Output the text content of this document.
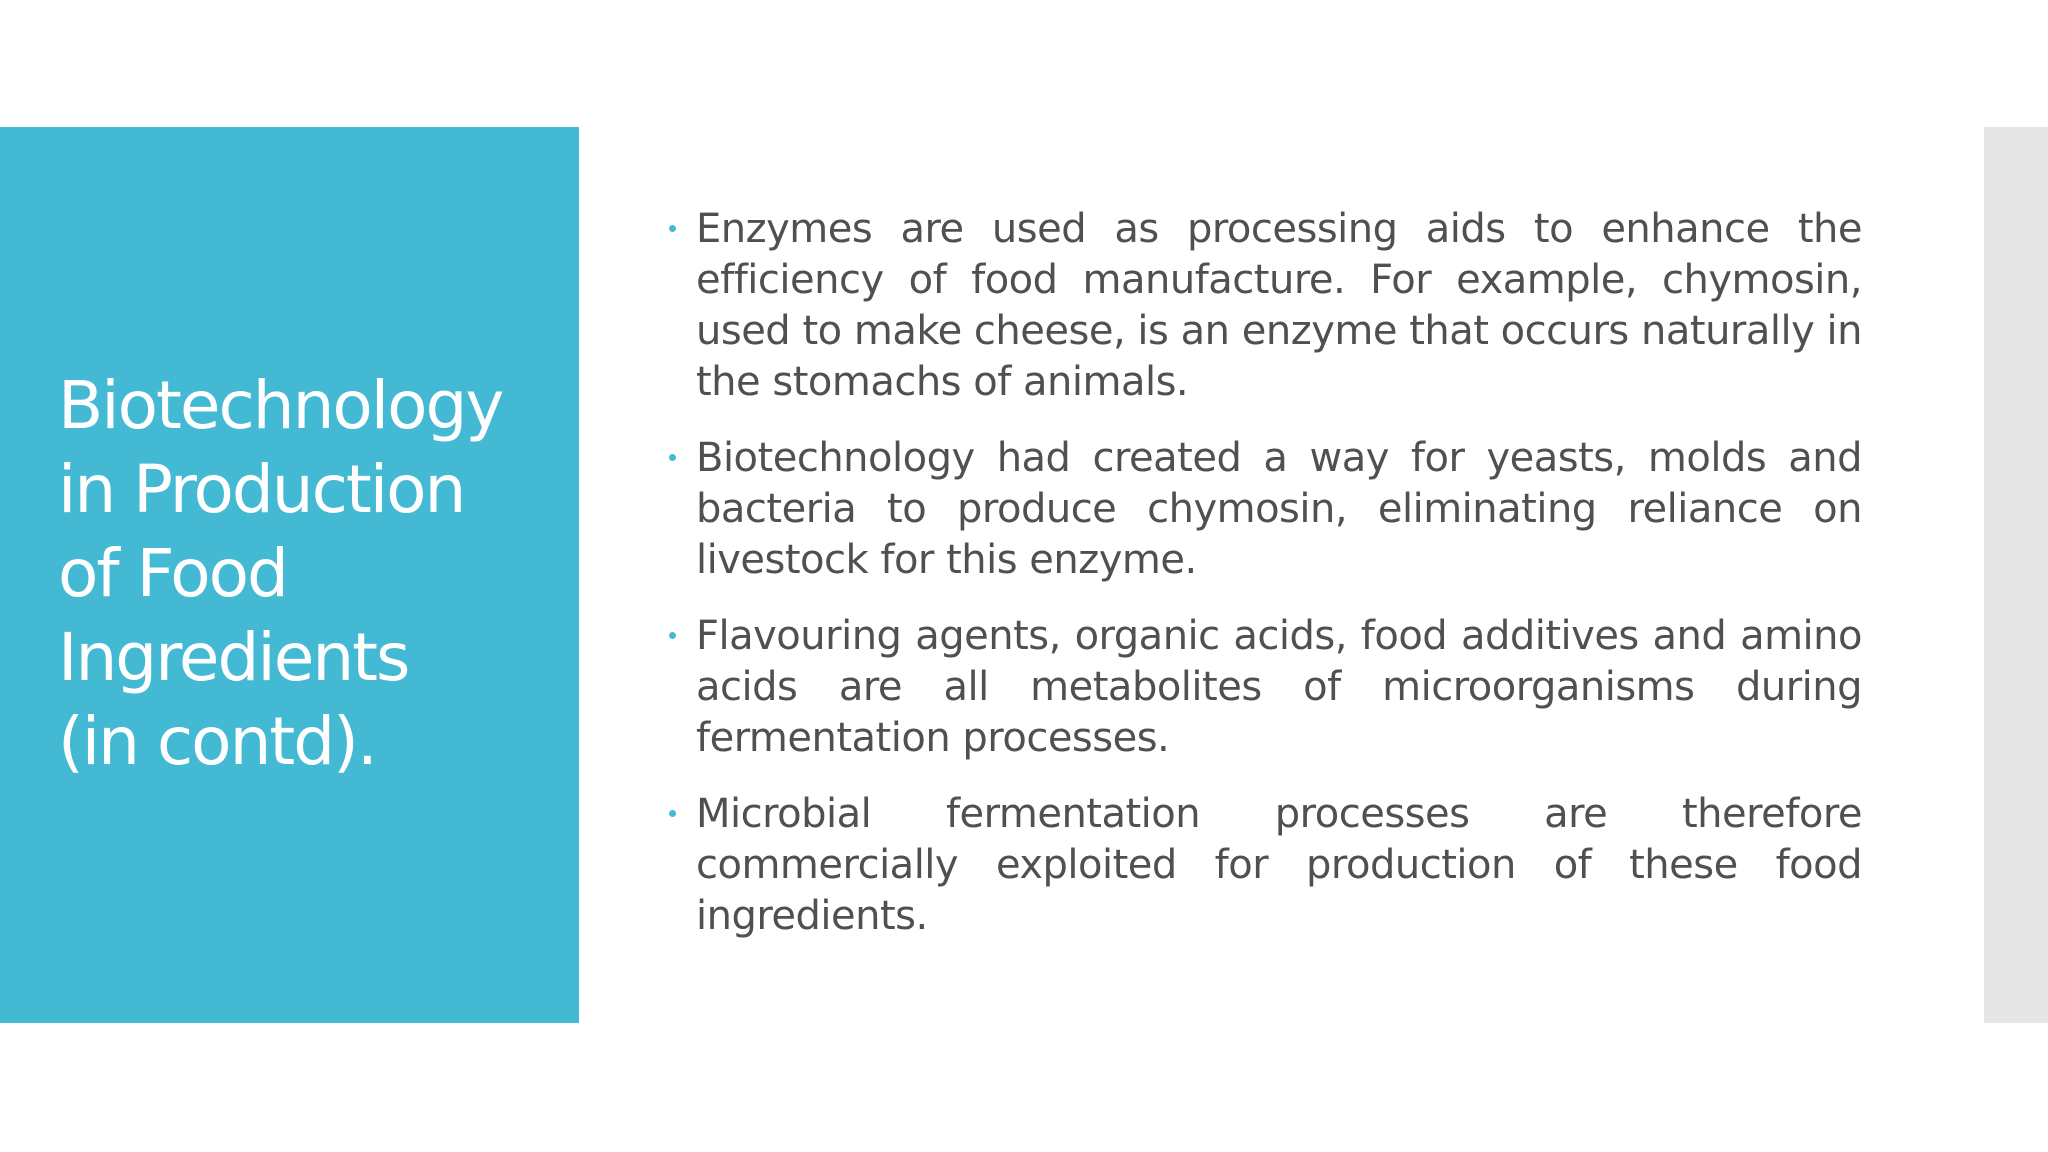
Biotechnology
in Production
of Food
Ingredients
(in contd).
Enzymes are used as processing aids to enhance the efficiency of food manufacture. For example, chymosin, used to make cheese, is an enzyme that occurs naturally in the stomachs of animals.
Biotechnology had created a way for yeasts, molds and bacteria to produce chymosin, eliminating reliance on livestock for this enzyme.
Flavouring agents, organic acids, food additives and amino acids are all metabolites of microorganisms during fermentation processes.
Microbial fermentation processes are therefore commercially exploited for production of these food ingredients.
